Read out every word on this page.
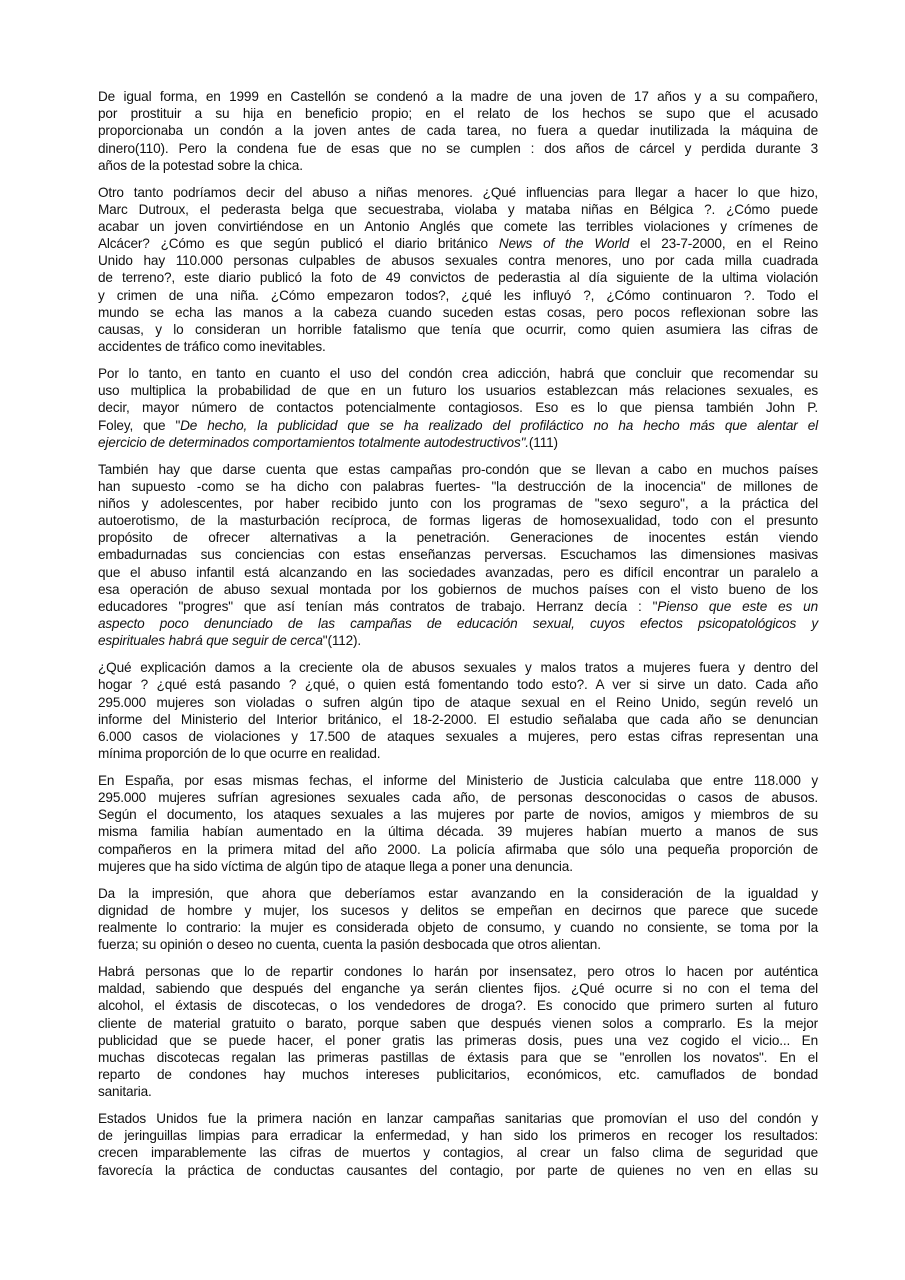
De igual forma, en 1999 en Castellón se condenó a la madre de una joven de 17 años y a su compañero,
por prostituir a su hija en beneficio propio; en el relato de los hechos se supo que el acusado
proporcionaba un condón a la joven antes de cada tarea, no fuera a quedar inutilizada la máquina de
dinero(110). Pero la condena fue de esas que no se cumplen : dos años de cárcel y perdida durante 3
años de la potestad sobre la chica.
Otro tanto podríamos decir del abuso a niñas menores. ¿Qué influencias para llegar a hacer lo que hizo,
Marc Dutroux, el pederasta belga que secuestraba, violaba y mataba niñas en Bélgica ?. ¿Cómo puede
acabar un joven convirtiéndose en un Antonio Anglés que comete las terribles violaciones y crímenes de
Alcácer? ¿Cómo es que según publicó el diario británico News of the World el 23-7-2000, en el Reino
Unido hay 110.000 personas culpables de abusos sexuales contra menores, uno por cada milla cuadrada
de terreno?, este diario publicó la foto de 49 convictos de pederastia al día siguiente de la ultima violación
y crimen de una niña. ¿Cómo empezaron todos?, ¿qué les influyó ?, ¿Cómo continuaron ?. Todo el
mundo se echa las manos a la cabeza cuando suceden estas cosas, pero pocos reflexionan sobre las
causas, y lo consideran un horrible fatalismo que tenía que ocurrir, como quien asumiera las cifras de
accidentes de tráfico como inevitables.
Por lo tanto, en tanto en cuanto el uso del condón crea adicción, habrá que concluir que recomendar su
uso multiplica la probabilidad de que en un futuro los usuarios establezcan más relaciones sexuales, es
decir, mayor número de contactos potencialmente contagiosos. Eso es lo que piensa también John P.
Foley, que "De hecho, la publicidad que se ha realizado del profiláctico no ha hecho más que alentar el
ejercicio de determinados comportamientos totalmente autodestructivos".(111)
También hay que darse cuenta que estas campañas pro-condón que se llevan a cabo en muchos países
han supuesto -como se ha dicho con palabras fuertes- "la destrucción de la inocencia" de millones de
niños y adolescentes, por haber recibido junto con los programas de "sexo seguro", a la práctica del
autoerotismo, de la masturbación recíproca, de formas ligeras de homosexualidad, todo con el presunto
propósito de ofrecer alternativas a la penetración. Generaciones de inocentes están viendo
embadurnadas sus conciencias con estas enseñanzas perversas. Escuchamos las dimensiones masivas
que el abuso infantil está alcanzando en las sociedades avanzadas, pero es difícil encontrar un paralelo a
esa operación de abuso sexual montada por los gobiernos de muchos países con el visto bueno de los
educadores "progres" que así tenían más contratos de trabajo. Herranz decía : "Pienso que este es un
aspecto poco denunciado de las campañas de educación sexual, cuyos efectos psicopatológicos y
espirituales habrá que seguir de cerca"(112).
¿Qué explicación damos a la creciente ola de abusos sexuales y malos tratos a mujeres fuera y dentro del
hogar ? ¿qué está pasando ? ¿qué, o quien está fomentando todo esto?. A ver si sirve un dato. Cada año
295.000 mujeres son violadas o sufren algún tipo de ataque sexual en el Reino Unido, según reveló un
informe del Ministerio del Interior británico, el 18-2-2000. El estudio señalaba que cada año se denuncian
6.000 casos de violaciones y 17.500 de ataques sexuales a mujeres, pero estas cifras representan una
mínima proporción de lo que ocurre en realidad.
En España, por esas mismas fechas, el informe del Ministerio de Justicia calculaba que entre 118.000 y
295.000 mujeres sufrían agresiones sexuales cada año, de personas desconocidas o casos de abusos.
Según el documento, los ataques sexuales a las mujeres por parte de novios, amigos y miembros de su
misma familia habían aumentado en la última década. 39 mujeres habían muerto a manos de sus
compañeros en la primera mitad del año 2000. La policía afirmaba que sólo una pequeña proporción de
mujeres que ha sido víctima de algún tipo de ataque llega a poner una denuncia.
Da la impresión, que ahora que deberíamos estar avanzando en la consideración de la igualdad y
dignidad de hombre y mujer, los sucesos y delitos se empeñan en decirnos que parece que sucede
realmente lo contrario: la mujer es considerada objeto de consumo, y cuando no consiente, se toma por la
fuerza; su opinión o deseo no cuenta, cuenta la pasión desbocada que otros alientan.
Habrá personas que lo de repartir condones lo harán por insensatez, pero otros lo hacen por auténtica
maldad, sabiendo que después del enganche ya serán clientes fijos. ¿Qué ocurre si no con el tema del
alcohol, el éxtasis de discotecas, o los vendedores de droga?. Es conocido que primero surten al futuro
cliente de material gratuito o barato, porque saben que después vienen solos a comprarlo. Es la mejor
publicidad que se puede hacer, el poner gratis las primeras dosis, pues una vez cogido el vicio... En
muchas discotecas regalan las primeras pastillas de éxtasis para que se "enrollen los novatos". En el
reparto de condones hay muchos intereses publicitarios, económicos, etc. camuflados de bondad
sanitaria.
Estados Unidos fue la primera nación en lanzar campañas sanitarias que promovían el uso del condón y
de jeringuillas limpias para erradicar la enfermedad, y han sido los primeros en recoger los resultados:
crecen imparablemente las cifras de muertos y contagios, al crear un falso clima de seguridad que
favorecía la práctica de conductas causantes del contagio, por parte de quienes no ven en ellas su
